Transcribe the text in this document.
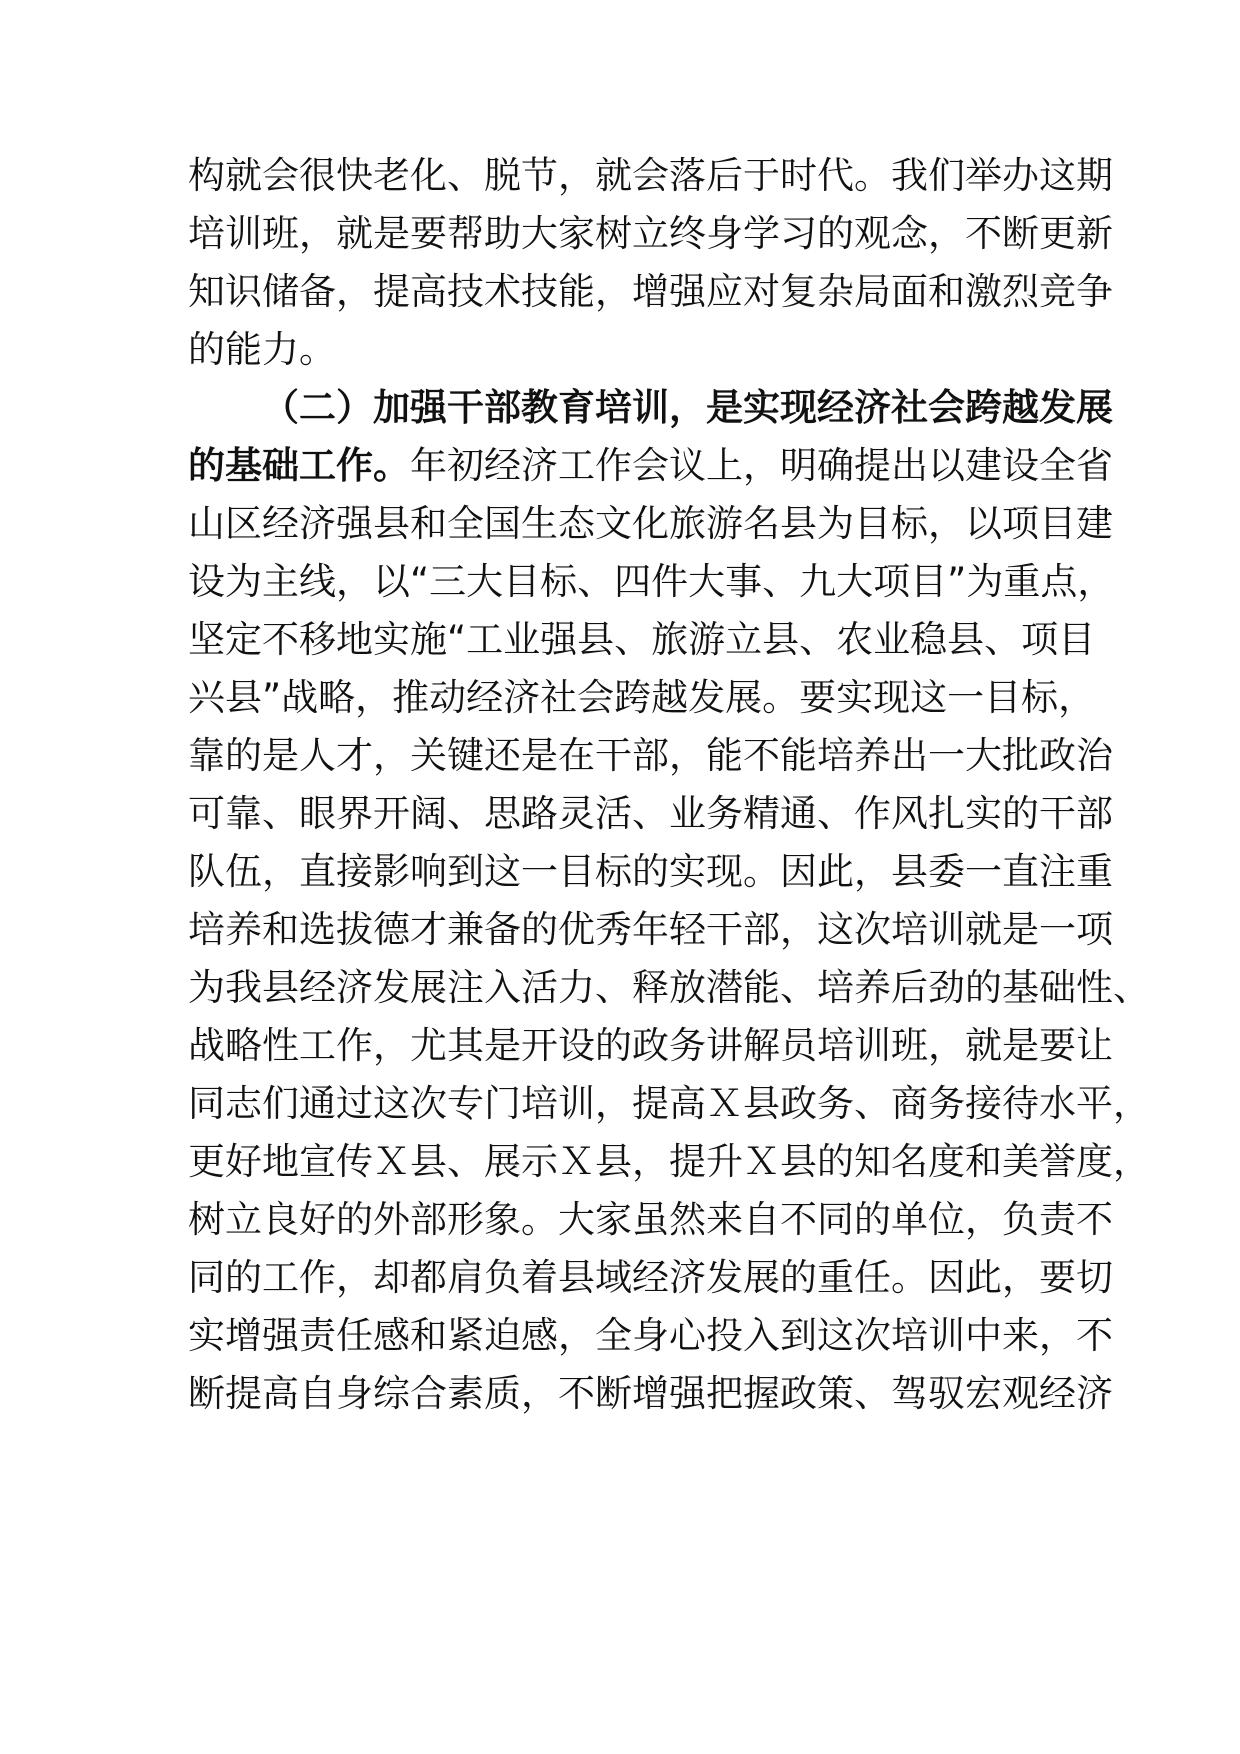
构就会很快老化、脱节，就会落后于时代。我们举办这期
培训班，就是要帮助大家树立终身学习的观念，不断更新
知识储备，提高技术技能，增强应对复杂局面和激烈竞争
的能力。
（二）加强干部教育培训，是实现经济社会跨越发展
的基础工作。年初经济工作会议上，明确提出以建设全省
山区经济强县和全国生态文化旅游名县为目标，以项目建
设为主线，以“三大目标、四件大事、九大项目”为重点，
坚定不移地实施“工业强县、旅游立县、农业稳县、项目
兴县”战略，推动经济社会跨越发展。要实现这一目标，
靠的是人才，关键还是在干部，能不能培养出一大批政治
可靠、眼界开阔、思路灵活、业务精通、作风扎实的干部
队伍，直接影响到这一目标的实现。因此，县委一直注重
培养和选拔德才兼备的优秀年轻干部，这次培训就是一项
为我县经济发展注入活力、释放潜能、培养后劲的基础性、
战略性工作，尤其是开设的政务讲解员培训班，就是要让
同志们通过这次专门培训，提高Ｘ县政务、商务接待水平，
更好地宣传Ｘ县、展示Ｘ县，提升Ｘ县的知名度和美誉度，
树立良好的外部形象。大家虽然来自不同的单位，负责不
同的工作，却都肩负着县域经济发展的重任。因此，要切
实增强责任感和紧迫感，全身心投入到这次培训中来，不
断提高自身综合素质，不断增强把握政策、驾驭宏观经济
